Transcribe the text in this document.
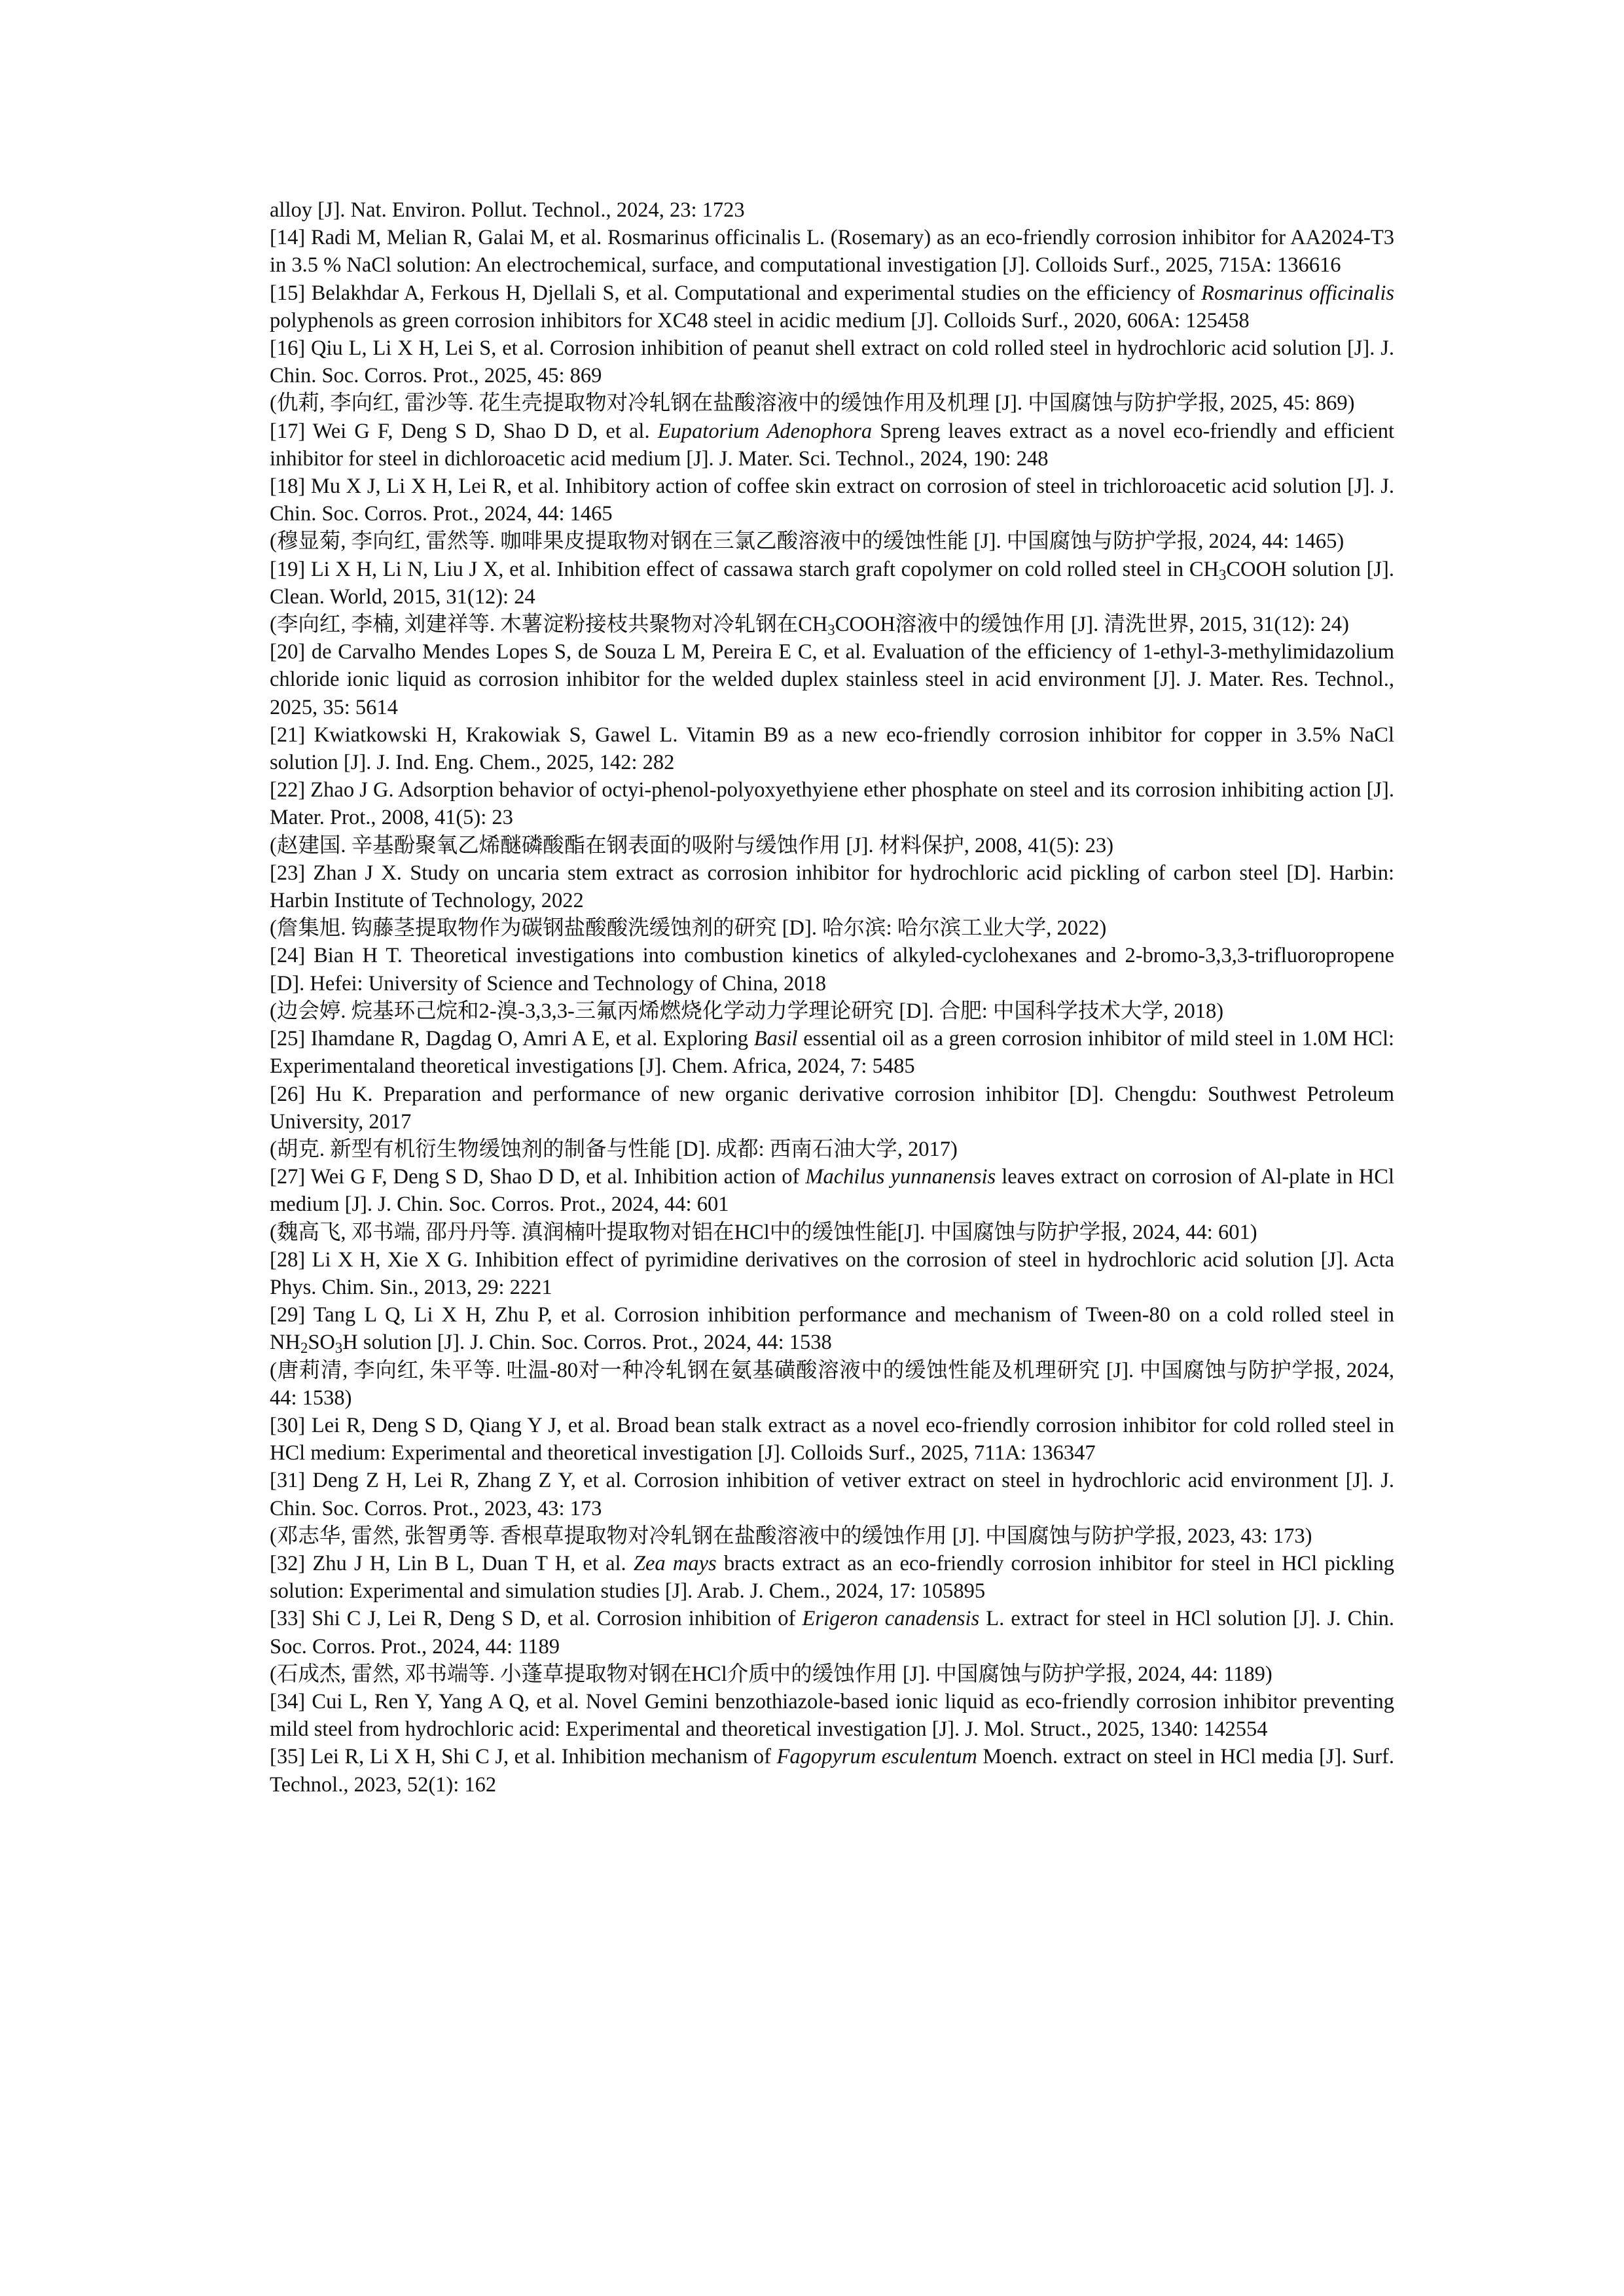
alloy [J]. Nat. Environ. Pollut. Technol., 2024, 23: 1723

[14] Radi M, Melian R, Galai M, et al. Rosmarinus officinalis L. (Rosemary) as an eco-friendly corrosion inhibitor for AA2024-T3 in 3.5 % NaCl solution: An electrochemical, surface, and computational investigation [J]. Colloids Surf., 2025, 715A: 136616

[15] Belakhdar A, Ferkous H, Djellali S, et al. Computational and experimental studies on the efficiency of Rosmarinus officinalis polyphenols as green corrosion inhibitors for XC48 steel in acidic medium [J]. Colloids Surf., 2020, 606A: 125458

[16] Qiu L, Li X H, Lei S, et al. Corrosion inhibition of peanut shell extract on cold rolled steel in hydrochloric acid solution [J]. J. Chin. Soc. Corros. Prot., 2025, 45: 869

(仇莉, 李向红, 雷沙等. 花生壳提取物对冷轧钢在盐酸溶液中的缓蚀作用及机理 [J]. 中国腐蚀与防护学报, 2025, 45: 869)

[17] Wei G F, Deng S D, Shao D D, et al. Eupatorium Adenophora Spreng leaves extract as a novel eco-friendly and efficient inhibitor for steel in dichloroacetic acid medium [J]. J. Mater. Sci. Technol., 2024, 190: 248

[18] Mu X J, Li X H, Lei R, et al. Inhibitory action of coffee skin extract on corrosion of steel in trichloroacetic acid solution [J]. J. Chin. Soc. Corros. Prot., 2024, 44: 1465

(穆显菊, 李向红, 雷然等. 咖啡果皮提取物对钢在三氯乙酸溶液中的缓蚀性能 [J]. 中国腐蚀与防护学报, 2024, 44: 1465)

[19] Li X H, Li N, Liu J X, et al. Inhibition effect of cassawa starch graft copolymer on cold rolled steel in $CH_3COOH$ solution [J]. Clean. World, 2015, 31(12): 24

(李向红, 李楠, 刘建祥等. 木薯淀粉接枝共聚物对冷轧钢在$CH_3COOH$溶液中的缓蚀作用 [J]. 清洗世界, 2015, 31(12): 24)

[20] de Carvalho Mendes Lopes S, de Souza L M, Pereira E C, et al. Evaluation of the efficiency of 1-ethyl-3-methylimidazolium chloride ionic liquid as corrosion inhibitor for the welded duplex stainless steel in acid environment [J]. J. Mater. Res. Technol., 2025, 35: 5614

[21] Kwiatkowski H, Krakowiak S, Gawel L. Vitamin B9 as a new eco-friendly corrosion inhibitor for copper in 3.5% NaCl solution [J]. J. Ind. Eng. Chem., 2025, 142: 282

[22] Zhao J G. Adsorption behavior of octyi-phenol-polyoxyethyiene ether phosphate on steel and its corrosion inhibiting action [J]. Mater. Prot., 2008, 41(5): 23

(赵建国. 辛基酚聚氧乙烯醚磷酸酯在钢表面的吸附与缓蚀作用 [J]. 材料保护, 2008, 41(5): 23)

[23] Zhan J X. Study on uncaria stem extract as corrosion inhibitor for hydrochloric acid pickling of carbon steel [D]. Harbin: Harbin Institute of Technology, 2022

(詹集旭. 钩藤茎提取物作为碳钢盐酸酸洗缓蚀剂的研究 [D]. 哈尔滨: 哈尔滨工业大学, 2022)

[24] Bian H T. Theoretical investigations into combustion kinetics of alkyled-cyclohexanes and 2-bromo-3,3,3-trifluoropropene [D]. Hefei: University of Science and Technology of China, 2018

(边会婷. 烷基环己烷和2-溴-3,3,3-三氟丙烯燃烧化学动力学理论研究 [D]. 合肥: 中国科学技术大学, 2018)

[25] Ihamdane R, Dagdag O, Amri A E, et al. Exploring Basil essential oil as a green corrosion inhibitor of mild steel in 1.0M HCl: Experimentaland theoretical investigations [J]. Chem. Africa, 2024, 7: 5485

[26] Hu K. Preparation and performance of new organic derivative corrosion inhibitor [D]. Chengdu: Southwest Petroleum University, 2017

(胡克. 新型有机衍生物缓蚀剂的制备与性能 [D]. 成都: 西南石油大学, 2017)

[27] Wei G F, Deng S D, Shao D D, et al. Inhibition action of Machilus yunnanensis leaves extract on corrosion of Al-plate in HCl medium [J]. J. Chin. Soc. Corros. Prot., 2024, 44: 601

(魏高飞, 邓书端, 邵丹丹等. 滇润楠叶提取物对铝在HCl中的缓蚀性能[J]. 中国腐蚀与防护学报, 2024, 44: 601)

[28] Li X H, Xie X G. Inhibition effect of pyrimidine derivatives on the corrosion of steel in hydrochloric acid solution [J]. Acta Phys. Chim. Sin., 2013, 29: 2221

[29] Tang L Q, Li X H, Zhu P, et al. Corrosion inhibition performance and mechanism of Tween-80 on a cold rolled steel in $NH_2SO_3H$ solution [J]. J. Chin. Soc. Corros. Prot., 2024, 44: 1538

(唐莉清, 李向红, 朱平等. 吐温-80对一种冷轧钢在氨基磺酸溶液中的缓蚀性能及机理研究 [J]. 中国腐蚀与防护学报, 2024, 44: 1538)

[30] Lei R, Deng S D, Qiang Y J, et al. Broad bean stalk extract as a novel eco-friendly corrosion inhibitor for cold rolled steel in HCl medium: Experimental and theoretical investigation [J]. Colloids Surf., 2025, 711A: 136347

[31] Deng Z H, Lei R, Zhang Z Y, et al. Corrosion inhibition of vetiver extract on steel in hydrochloric acid environment [J]. J. Chin. Soc. Corros. Prot., 2023, 43: 173

(邓志华, 雷然, 张智勇等. 香根草提取物对冷轧钢在盐酸溶液中的缓蚀作用 [J]. 中国腐蚀与防护学报, 2023, 43: 173)

[32] Zhu J H, Lin B L, Duan T H, et al. Zea mays bracts extract as an eco-friendly corrosion inhibitor for steel in HCl pickling solution: Experimental and simulation studies [J]. Arab. J. Chem., 2024, 17: 105895

[33] Shi C J, Lei R, Deng S D, et al. Corrosion inhibition of Erigeron canadensis L. extract for steel in HCl solution [J]. J. Chin. Soc. Corros. Prot., 2024, 44: 1189

(石成杰, 雷然, 邓书端等. 小蓬草提取物对钢在HCl介质中的缓蚀作用 [J]. 中国腐蚀与防护学报, 2024, 44: 1189)

[34] Cui L, Ren Y, Yang A Q, et al. Novel Gemini benzothiazole-based ionic liquid as eco-friendly corrosion inhibitor preventing mild steel from hydrochloric acid: Experimental and theoretical investigation [J]. J. Mol. Struct., 2025, 1340: 142554

[35] Lei R, Li X H, Shi C J, et al. Inhibition mechanism of Fagopyrum esculentum Moench. extract on steel in HCl media [J]. Surf. Technol., 2023, 52(1): 162
